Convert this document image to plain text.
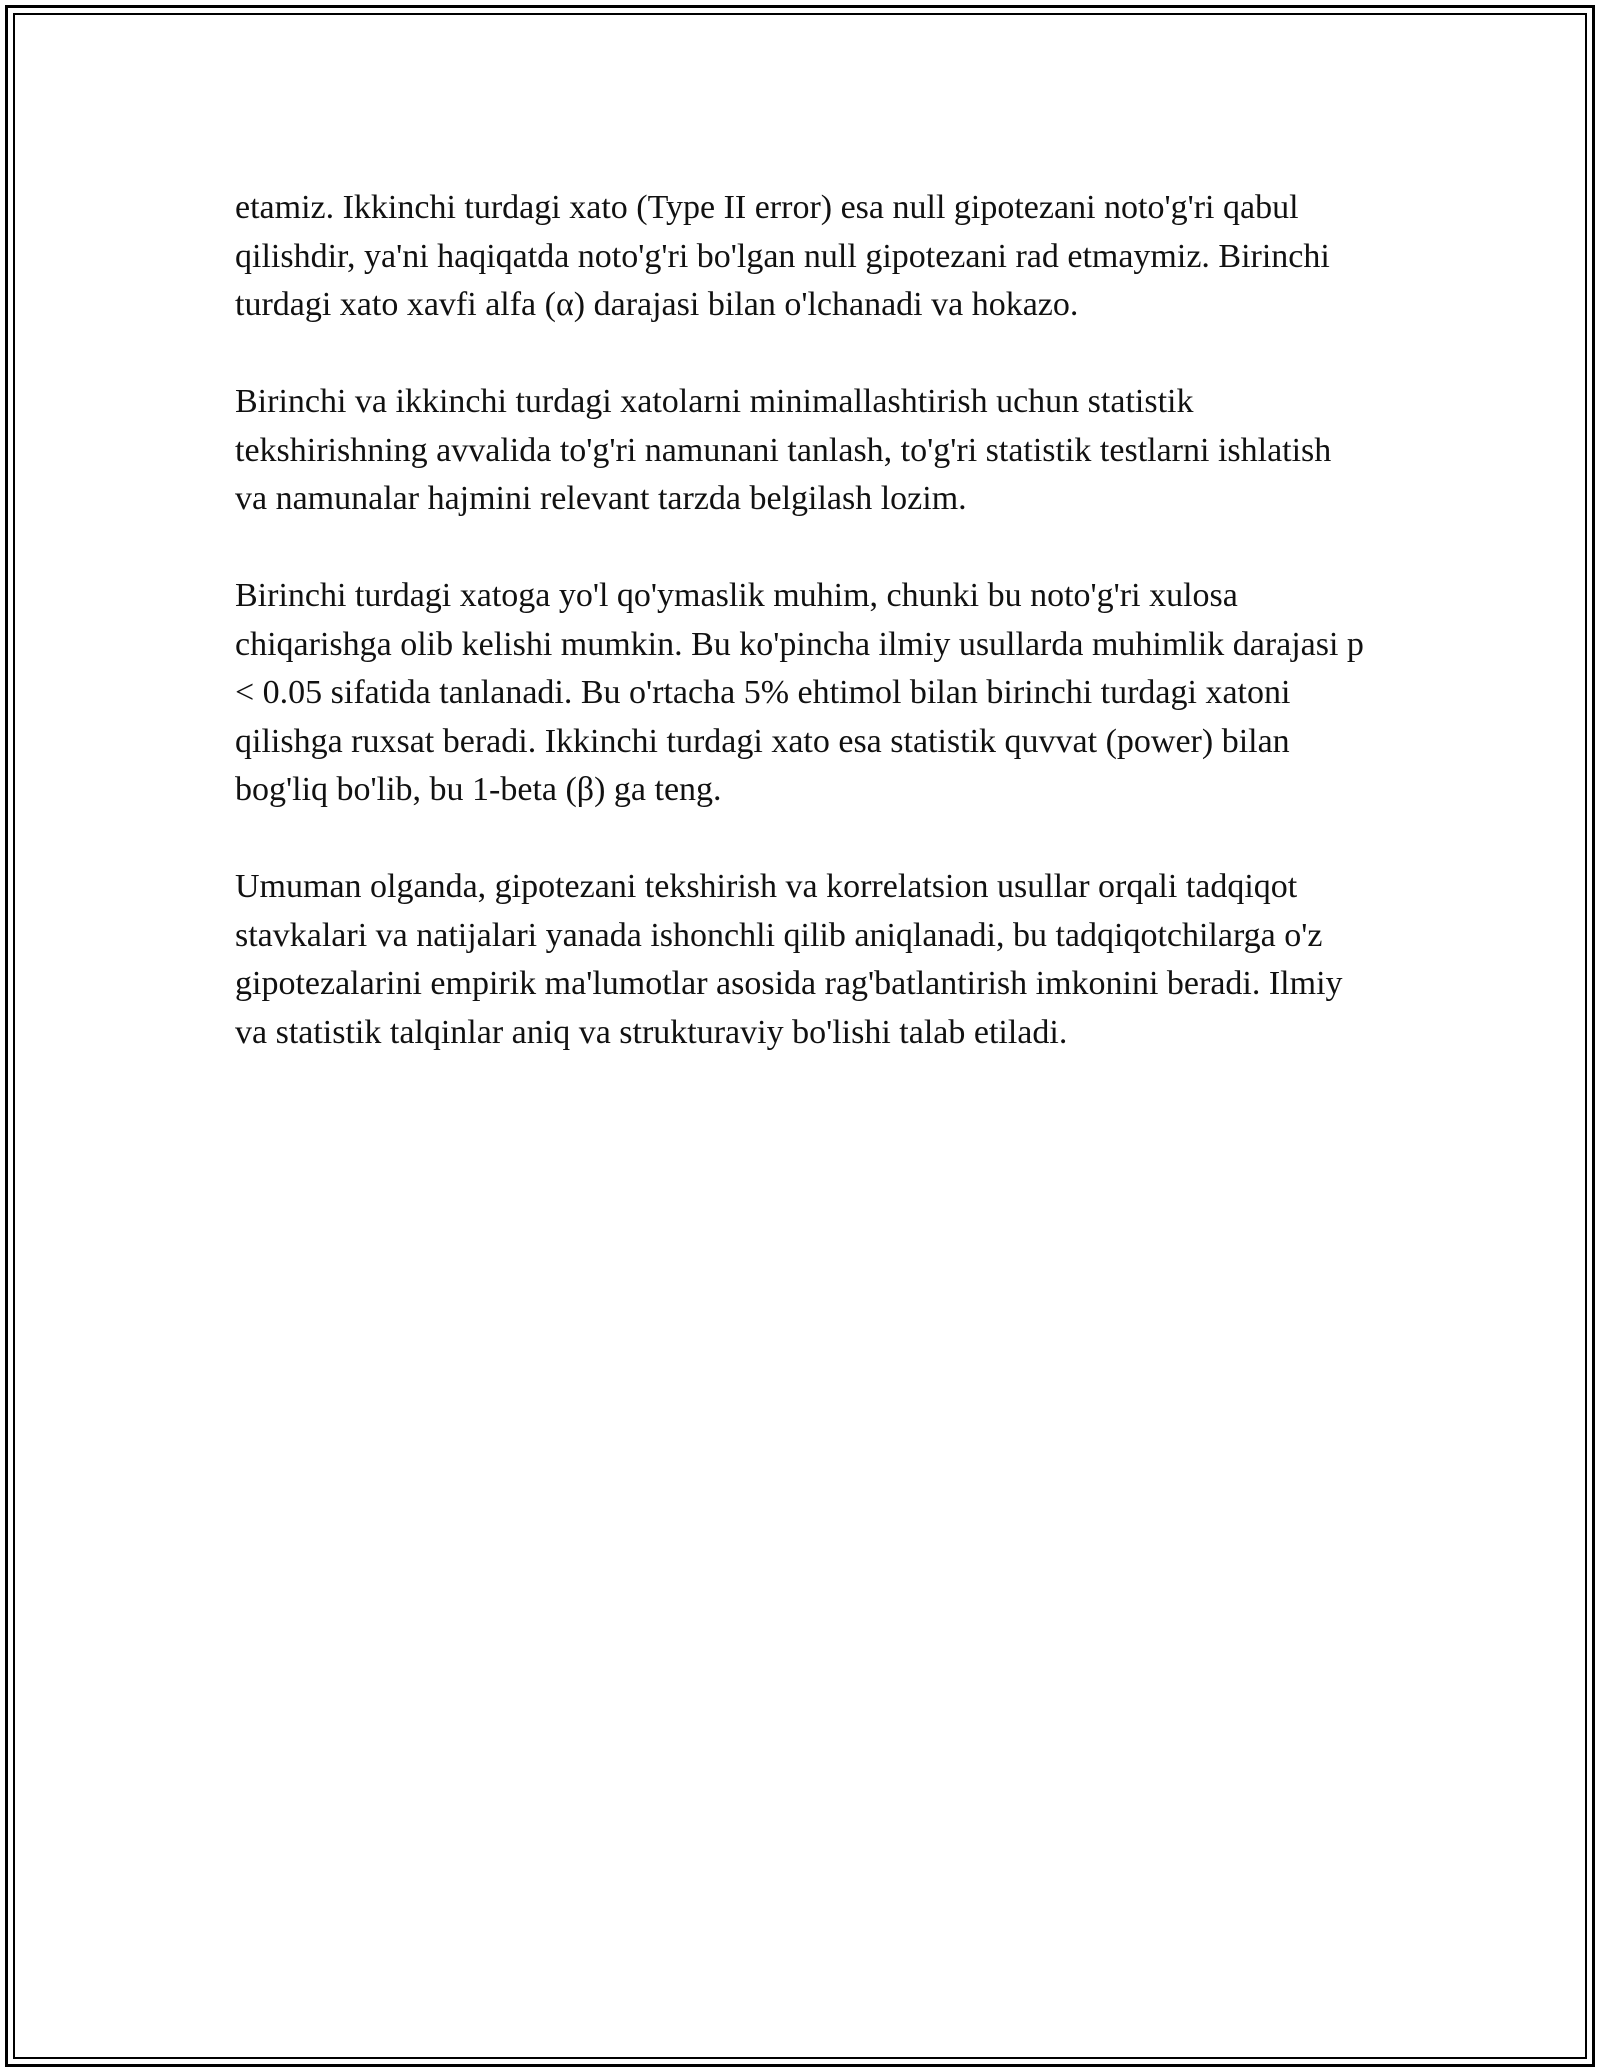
etamiz. Ikkinchi turdagi xato (Type II error) esa null gipotezani noto'g'ri qabul qilishdir, ya'ni haqiqatda noto'g'ri bo'lgan null gipotezani rad etmaymiz. Birinchi turdagi xato xavfi alfa (α) darajasi bilan o'lchanadi va hokazo.

Birinchi va ikkinchi turdagi xatolarni minimallashtirish uchun statistik tekshirishning avvalida to'g'ri namunani tanlash, to'g'ri statistik testlarni ishlatish va namunalar hajmini relevant tarzda belgilash lozim.

Birinchi turdagi xatoga yo'l qo'ymaslik muhim, chunki bu noto'g'ri xulosa chiqarishga olib kelishi mumkin. Bu ko'pincha ilmiy usullarda muhimlik darajasi p < 0.05 sifatida tanlanadi. Bu o'rtacha 5% ehtimol bilan birinchi turdagi xatoni qilishga ruxsat beradi. Ikkinchi turdagi xato esa statistik quvvat (power) bilan bog'liq bo'lib, bu 1-beta (β) ga teng.

Umuman olganda, gipotezani tekshirish va korrelatsion usullar orqali tadqiqot stavkalari va natijalari yanada ishonchli qilib aniqlanadi, bu tadqiqotchilarga o'z gipotezalarini empirik ma'lumotlar asosida rag'batlantirish imkonini beradi. Ilmiy va statistik talqinlar aniq va strukturaviy bo'lishi talab etiladi.
